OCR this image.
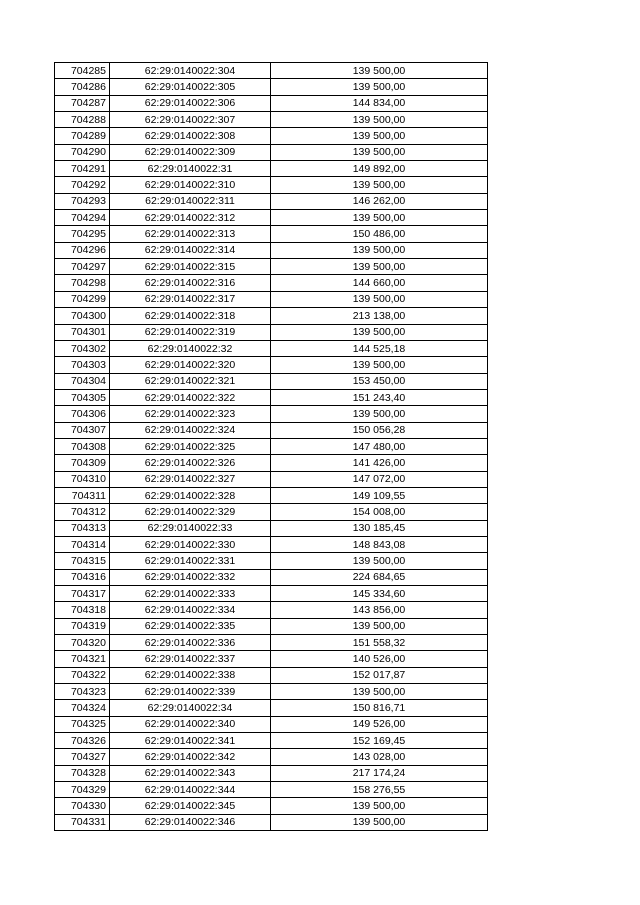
704285	62:29:0140022:304	139 500,00
704286	62:29:0140022:305	139 500,00
704287	62:29:0140022:306	144 834,00
704288	62:29:0140022:307	139 500,00
704289	62:29:0140022:308	139 500,00
704290	62:29:0140022:309	139 500,00
704291	62:29:0140022:31	149 892,00
704292	62:29:0140022:310	139 500,00
704293	62:29:0140022:311	146 262,00
704294	62:29:0140022:312	139 500,00
704295	62:29:0140022:313	150 486,00
704296	62:29:0140022:314	139 500,00
704297	62:29:0140022:315	139 500,00
704298	62:29:0140022:316	144 660,00
704299	62:29:0140022:317	139 500,00
704300	62:29:0140022:318	213 138,00
704301	62:29:0140022:319	139 500,00
704302	62:29:0140022:32	144 525,18
704303	62:29:0140022:320	139 500,00
704304	62:29:0140022:321	153 450,00
704305	62:29:0140022:322	151 243,40
704306	62:29:0140022:323	139 500,00
704307	62:29:0140022:324	150 056,28
704308	62:29:0140022:325	147 480,00
704309	62:29:0140022:326	141 426,00
704310	62:29:0140022:327	147 072,00
704311	62:29:0140022:328	149 109,55
704312	62:29:0140022:329	154 008,00
704313	62:29:0140022:33	130 185,45
704314	62:29:0140022:330	148 843,08
704315	62:29:0140022:331	139 500,00
704316	62:29:0140022:332	224 684,65
704317	62:29:0140022:333	145 334,60
704318	62:29:0140022:334	143 856,00
704319	62:29:0140022:335	139 500,00
704320	62:29:0140022:336	151 558,32
704321	62:29:0140022:337	140 526,00
704322	62:29:0140022:338	152 017,87
704323	62:29:0140022:339	139 500,00
704324	62:29:0140022:34	150 816,71
704325	62:29:0140022:340	149 526,00
704326	62:29:0140022:341	152 169,45
704327	62:29:0140022:342	143 028,00
704328	62:29:0140022:343	217 174,24
704329	62:29:0140022:344	158 276,55
704330	62:29:0140022:345	139 500,00
704331	62:29:0140022:346	139 500,00
